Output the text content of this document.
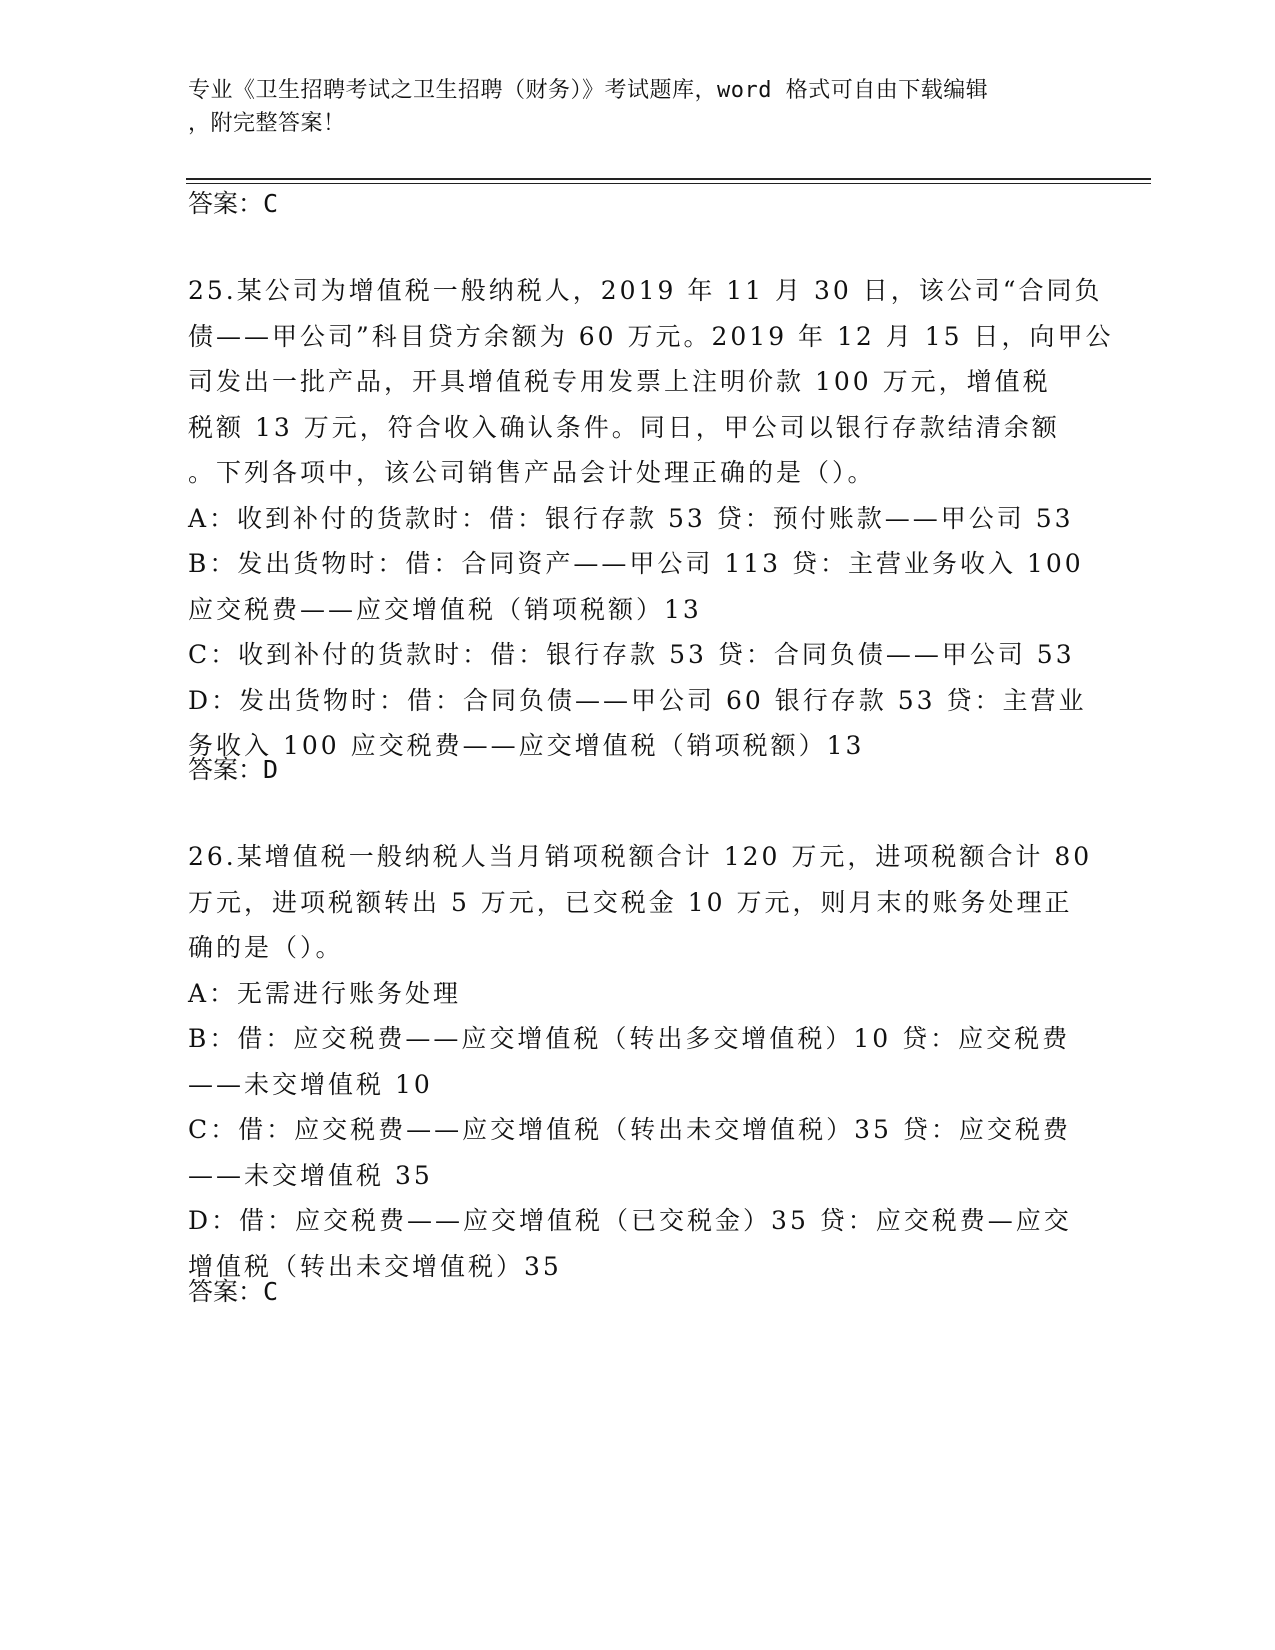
专业《卫生招聘考试之卫生招聘（财务）》考试题库，word 格式可自由下载编辑
，附完整答案！
答案：C
25.某公司为增值税一般纳税人，2019 年 11 月 30 日，该公司“合同负
债——甲公司”科目贷方余额为 60 万元。2019 年 12 月 15 日，向甲公
司发出一批产品，开具增值税专用发票上注明价款 100 万元，增值税
税额 13 万元，符合收入确认条件。同日，甲公司以银行存款结清余额
。下列各项中，该公司销售产品会计处理正确的是（）。
A：收到补付的货款时：借：银行存款 53 贷：预付账款——甲公司 53
B：发出货物时：借：合同资产——甲公司 113 贷：主营业务收入 100
应交税费——应交增值税（销项税额）13
C：收到补付的货款时：借：银行存款 53 贷：合同负债——甲公司 53
D：发出货物时：借：合同负债——甲公司 60 银行存款 53 贷：主营业
务收入 100 应交税费——应交增值税（销项税额）13
答案：D
26.某增值税一般纳税人当月销项税额合计 120 万元，进项税额合计 80
万元，进项税额转出 5 万元，已交税金 10 万元，则月末的账务处理正
确的是（）。
A：无需进行账务处理
B：借：应交税费——应交增值税（转出多交增值税）10 贷：应交税费
——未交增值税 10
C：借：应交税费——应交增值税（转出未交增值税）35 贷：应交税费
——未交增值税 35
D：借：应交税费——应交增值税（已交税金）35 贷：应交税费—应交
增值税（转出未交增值税）35
答案：C
